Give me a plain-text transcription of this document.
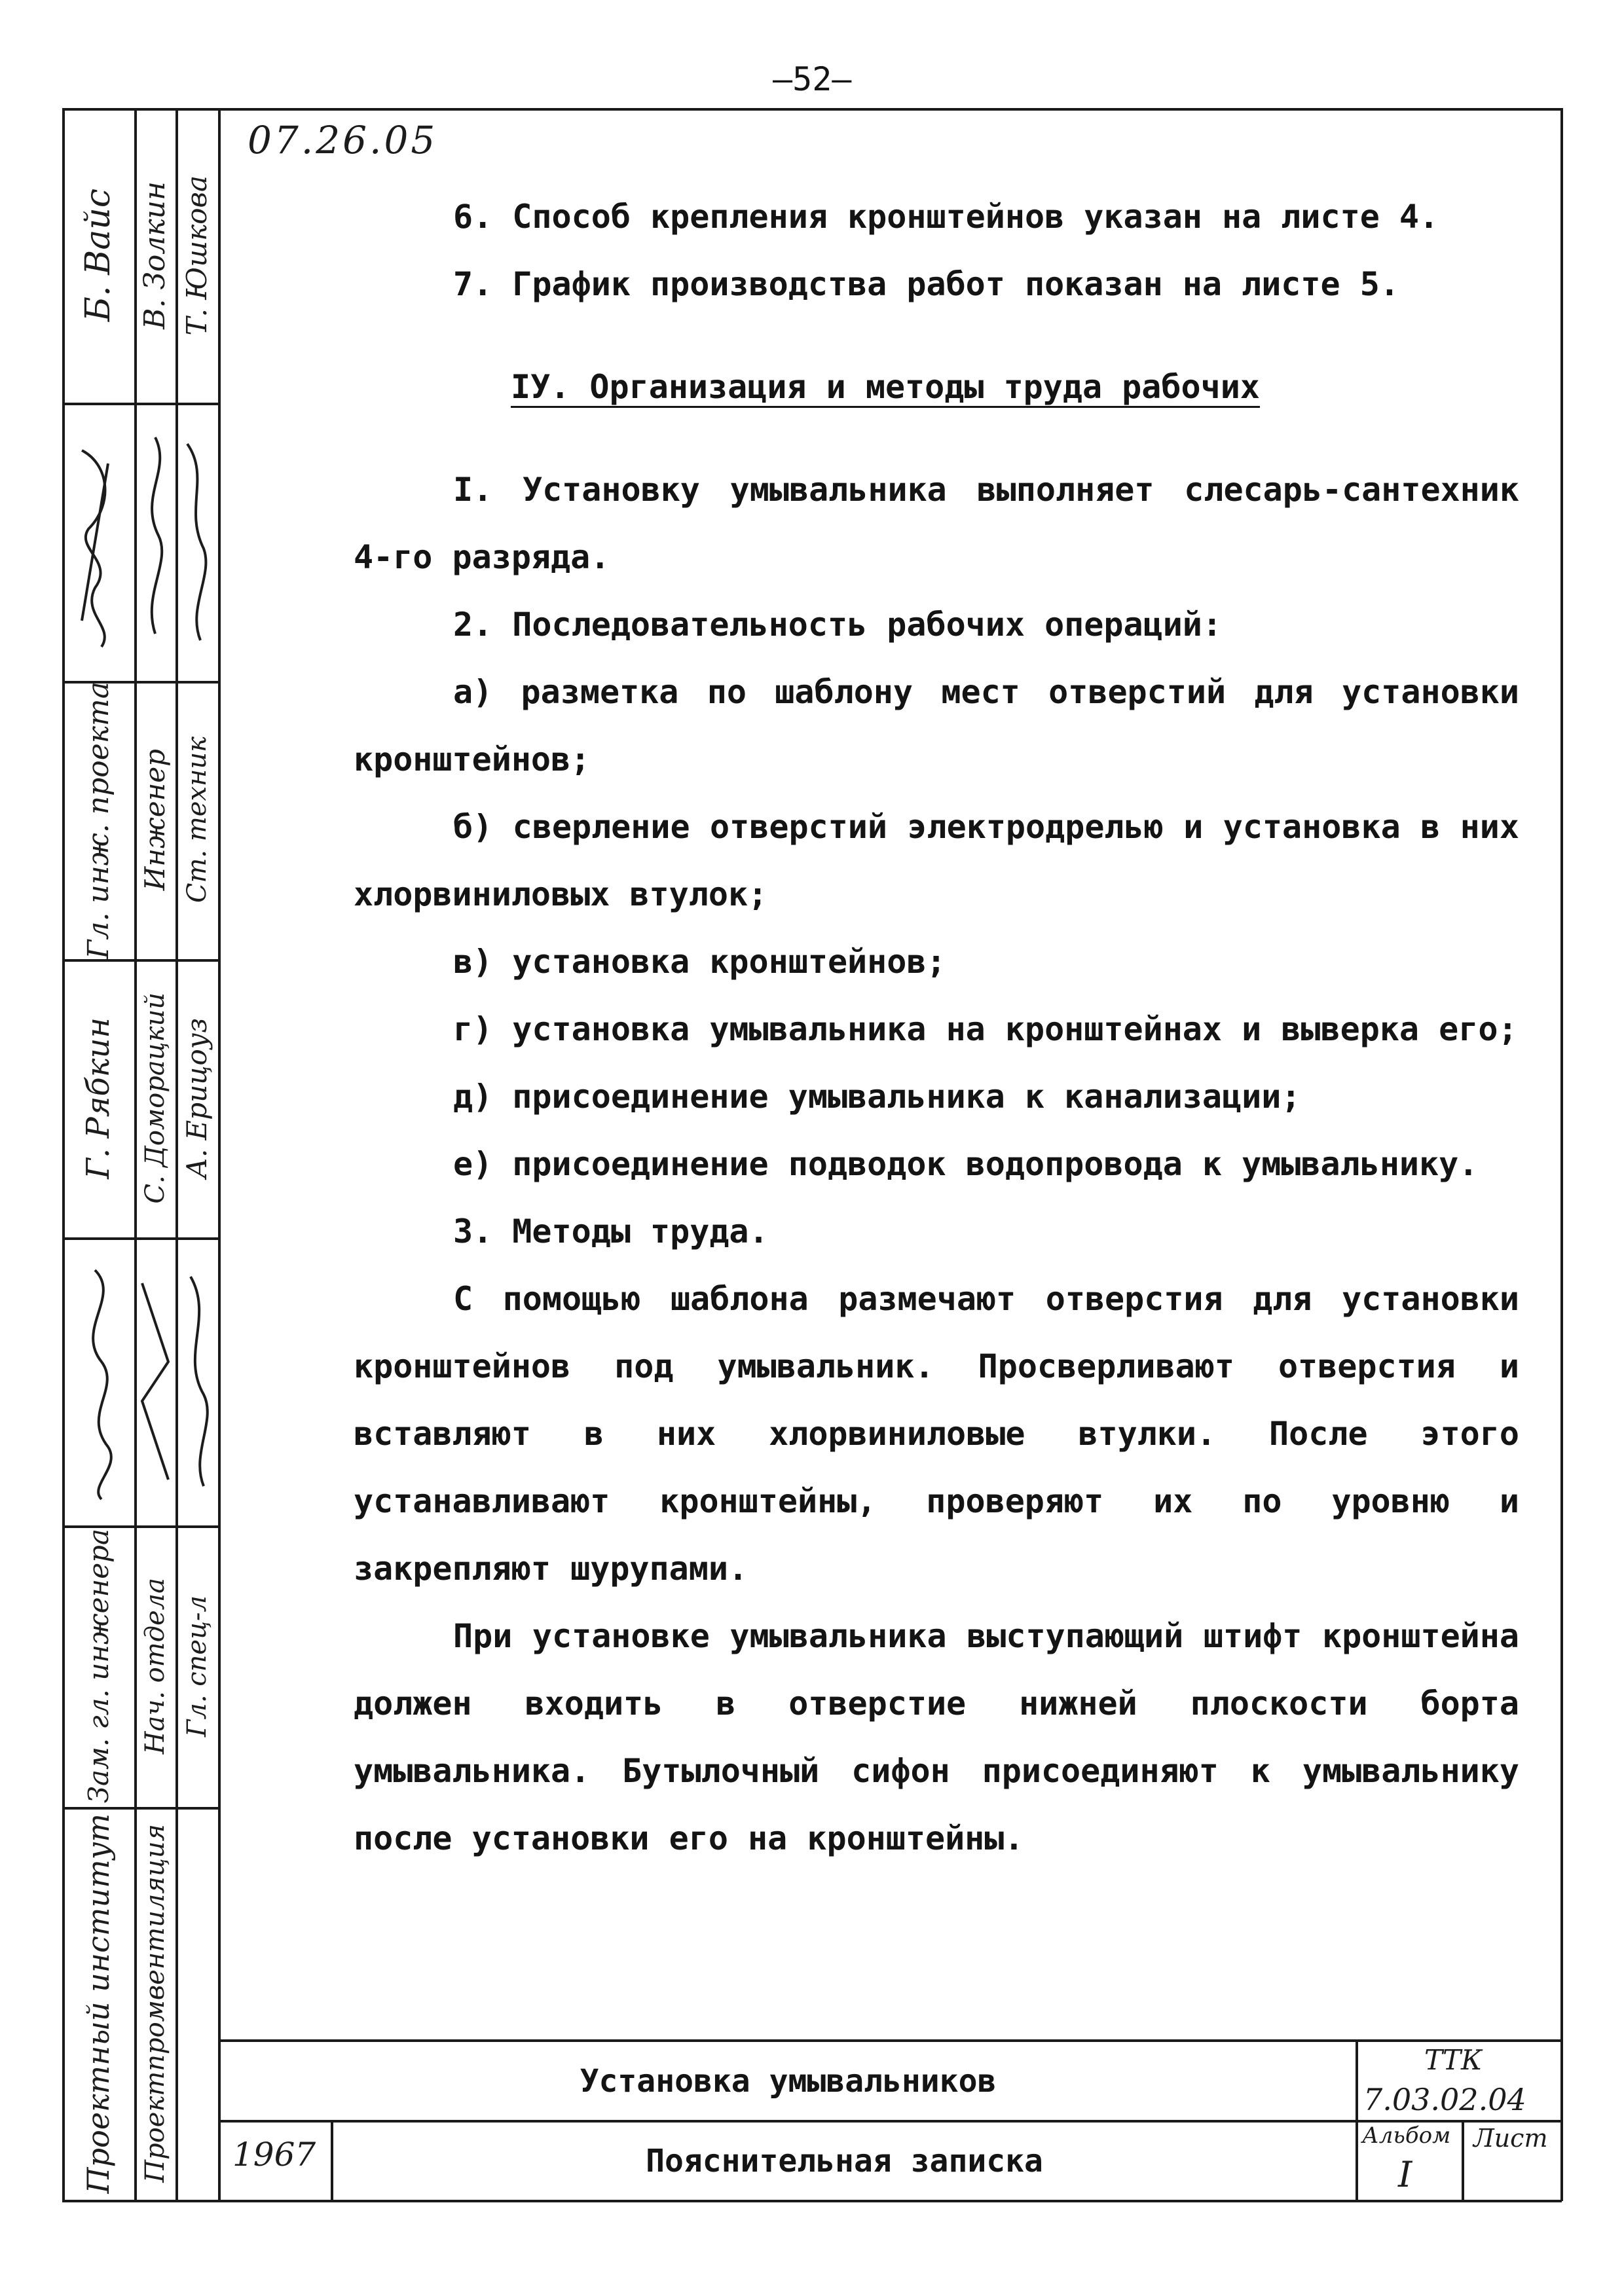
–52–
07.26.05
Б. Вайс
Гл. инж. проекта
Г. Рябкин
Зам. гл. инженера
Проектный институт
В. Золкин
Инженер
С. Доморацкий
Нач. отдела
Проектпромвентиляция
Т. Юшкова
Ст. техник
А. Ерицоуз
Гл. спец-л

6. Способ крепления кронштейнов указан на листе 4.

7. График производства работ показан на листе 5.

IУ. Организация и методы труда рабочих

I. Установку умывальника выполняет слесарь-сантехник 4-го разряда.

2. Последовательность рабочих операций:

а) разметка по шаблону мест отверстий для установки кронштейнов;

б) сверление отверстий электродрелью и установка в них хлорвиниловых втулок;

в) установка кронштейнов;

г) установка умывальника на кронштейнах и выверка его;

д) присоединение умывальника к канализации;

е) присоединение подводок водопровода к умывальнику.

3. Методы труда.

С помощью шаблона размечают отверстия для установки кронштейнов под умывальник. Просверливают отверстия и вставляют в них хлорвиниловые втулки. После этого устанавливают кронштейны, проверяют их по уровню и закрепляют шурупами.

При установке умывальника выступающий штифт кронштейна должен входить в отверстие нижней плоскости борта умывальника. Бутылочный сифон присоединяют к умывальнику после установки его на кронштейны.

Установка умывальников
1967	Пояснительная записка
ТТК
7.03.02.04
Альбом
I
Лист
